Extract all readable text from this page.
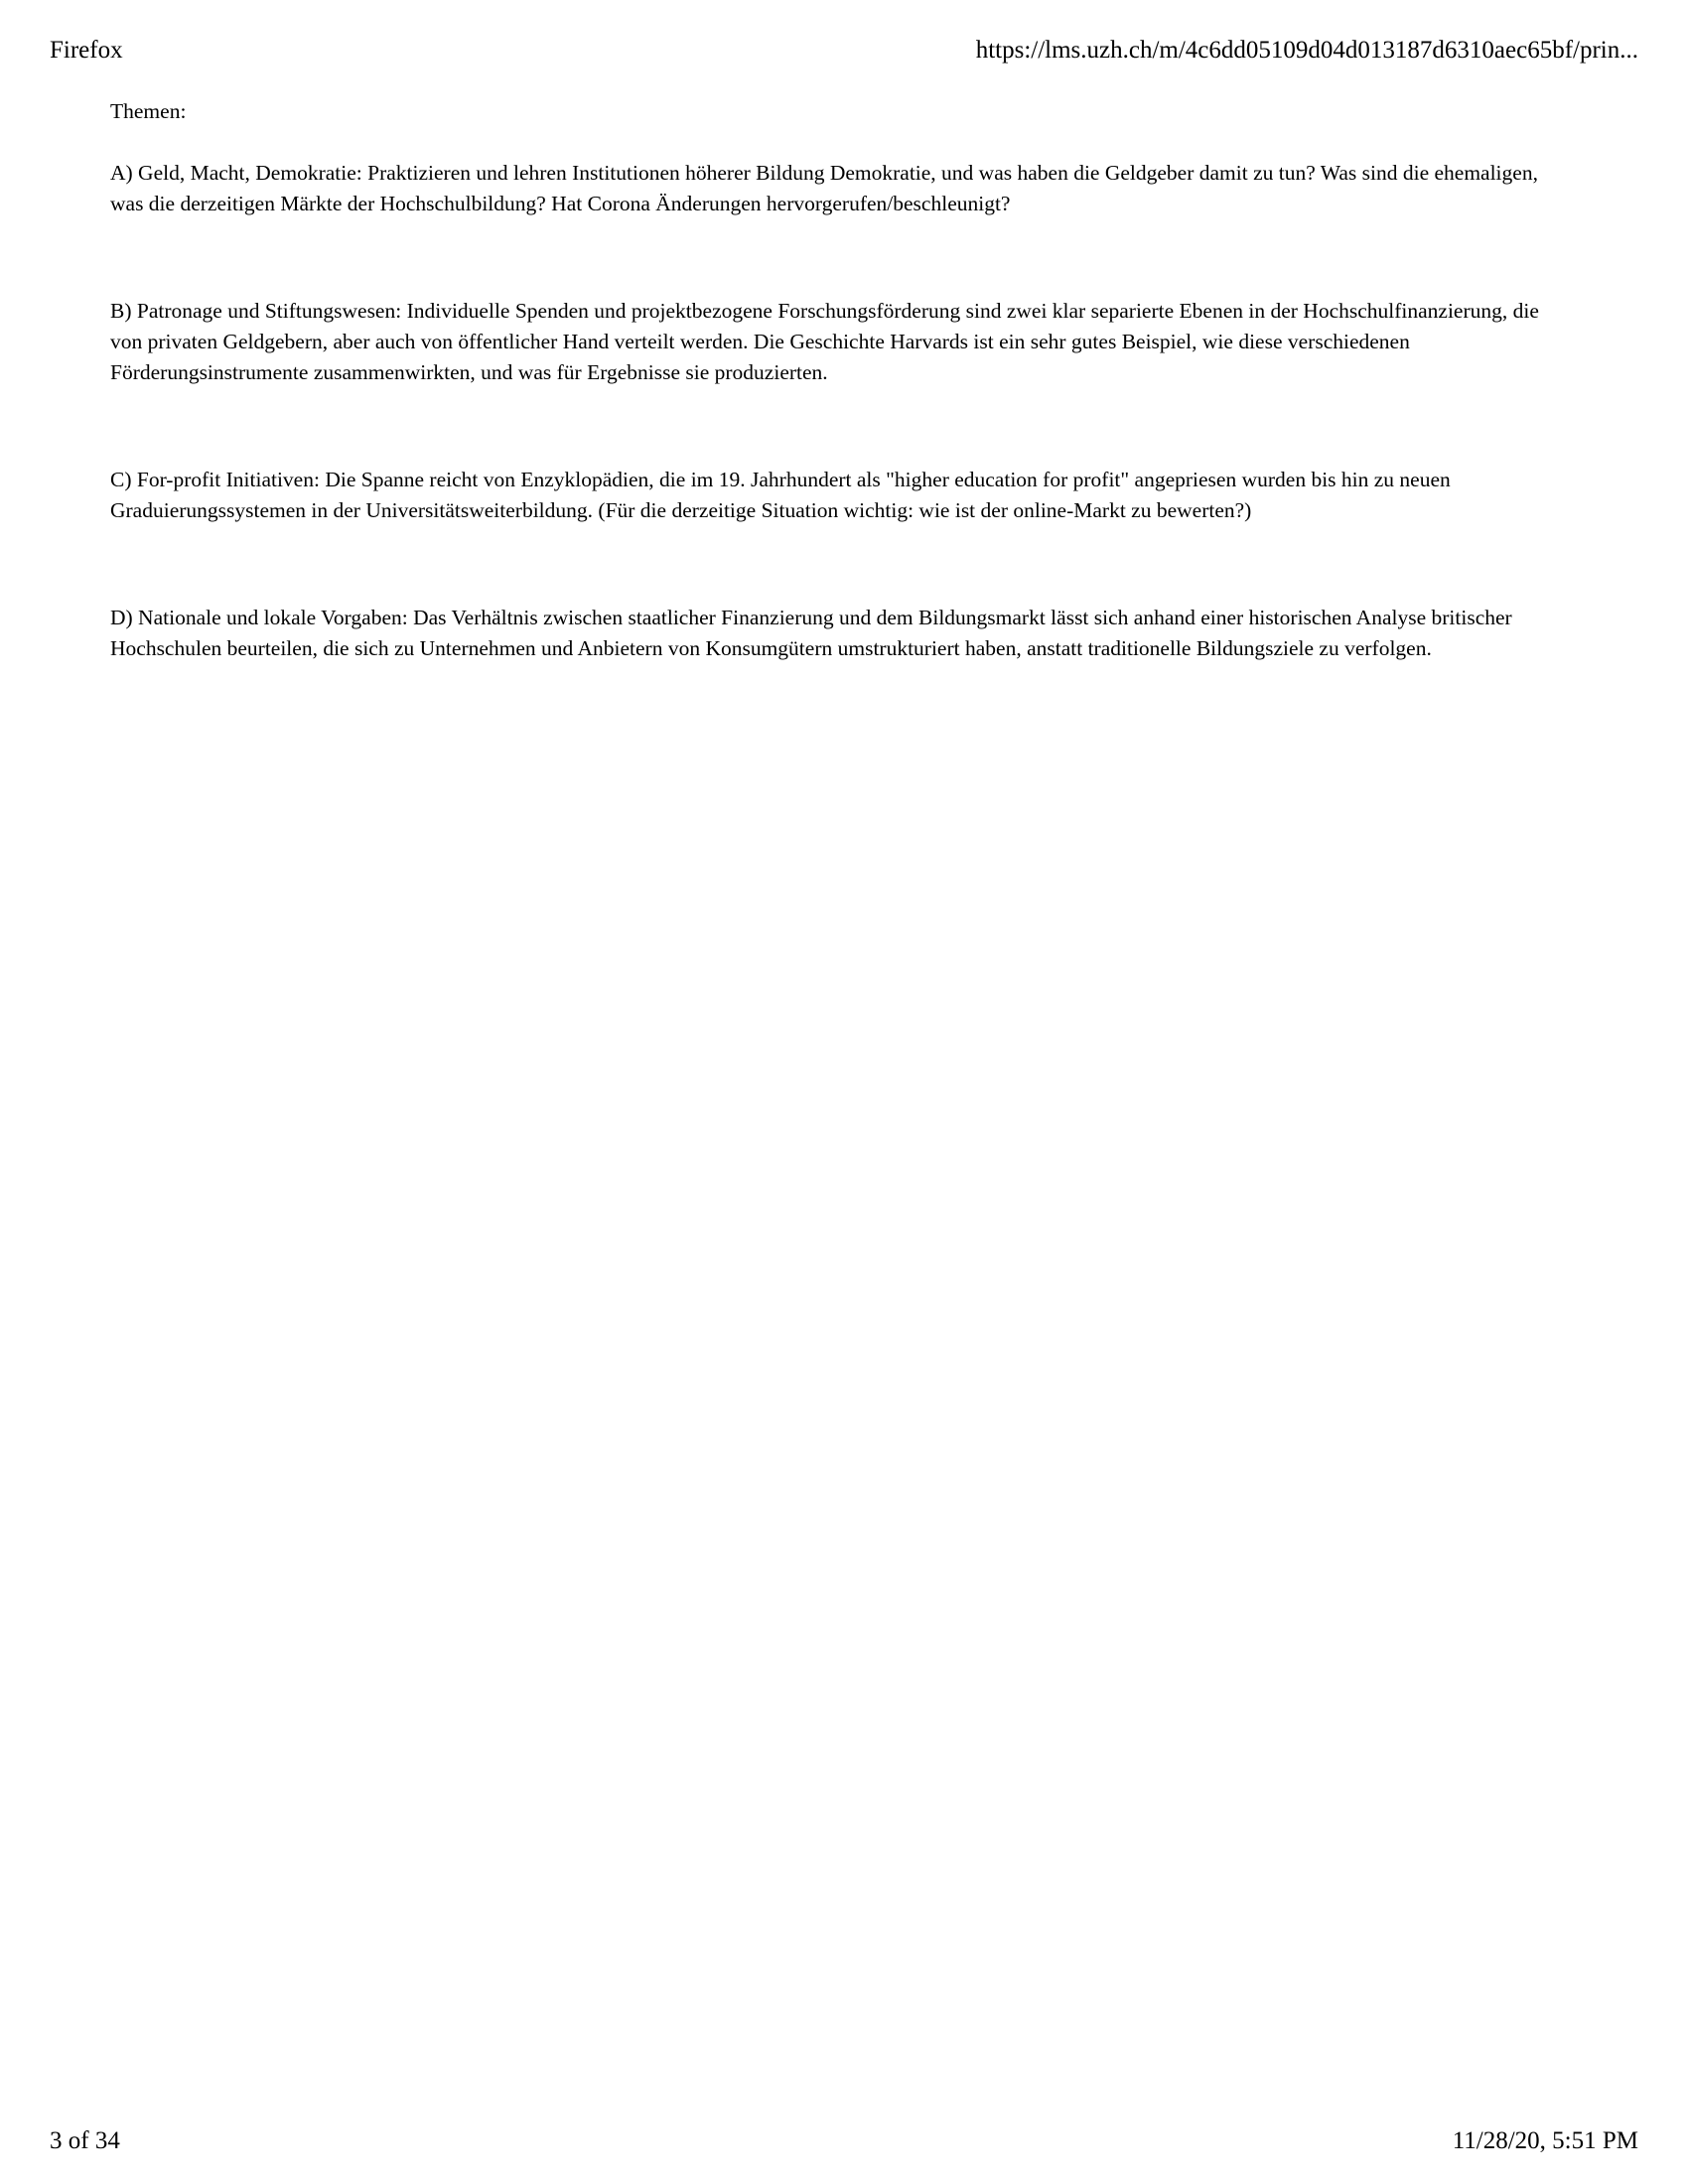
Firefox	https://lms.uzh.ch/m/4c6dd05109d04d013187d6310aec65bf/prin...

Themen:

A) Geld, Macht, Demokratie: Praktizieren und lehren Institutionen höherer Bildung Demokratie, und was haben die Geldgeber damit zu tun? Was sind die ehemaligen, was die derzeitigen Märkte der Hochschulbildung? Hat Corona Änderungen hervorgerufen/beschleunigt?

B) Patronage und Stiftungswesen: Individuelle Spenden und projektbezogene Forschungsförderung sind zwei klar separierte Ebenen in der Hochschulfinanzierung, die von privaten Geldgebern, aber auch von öffentlicher Hand verteilt werden. Die Geschichte Harvards ist ein sehr gutes Beispiel, wie diese verschiedenen Förderungsinstrumente zusammenwirkten, und was für Ergebnisse sie produzierten.

C) For-profit Initiativen: Die Spanne reicht von Enzyklopädien, die im 19. Jahrhundert als "higher education for profit" angepriesen wurden bis hin zu neuen Graduierungssystemen in der Universitätsweiterbildung. (Für die derzeitige Situation wichtig: wie ist der online-Markt zu bewerten?)

D) Nationale und lokale Vorgaben: Das Verhältnis zwischen staatlicher Finanzierung und dem Bildungsmarkt lässt sich anhand einer historischen Analyse britischer Hochschulen beurteilen, die sich zu Unternehmen und Anbietern von Konsumgütern umstrukturiert haben, anstatt traditionelle Bildungsziele zu verfolgen.

3 of 34	11/28/20, 5:51 PM
